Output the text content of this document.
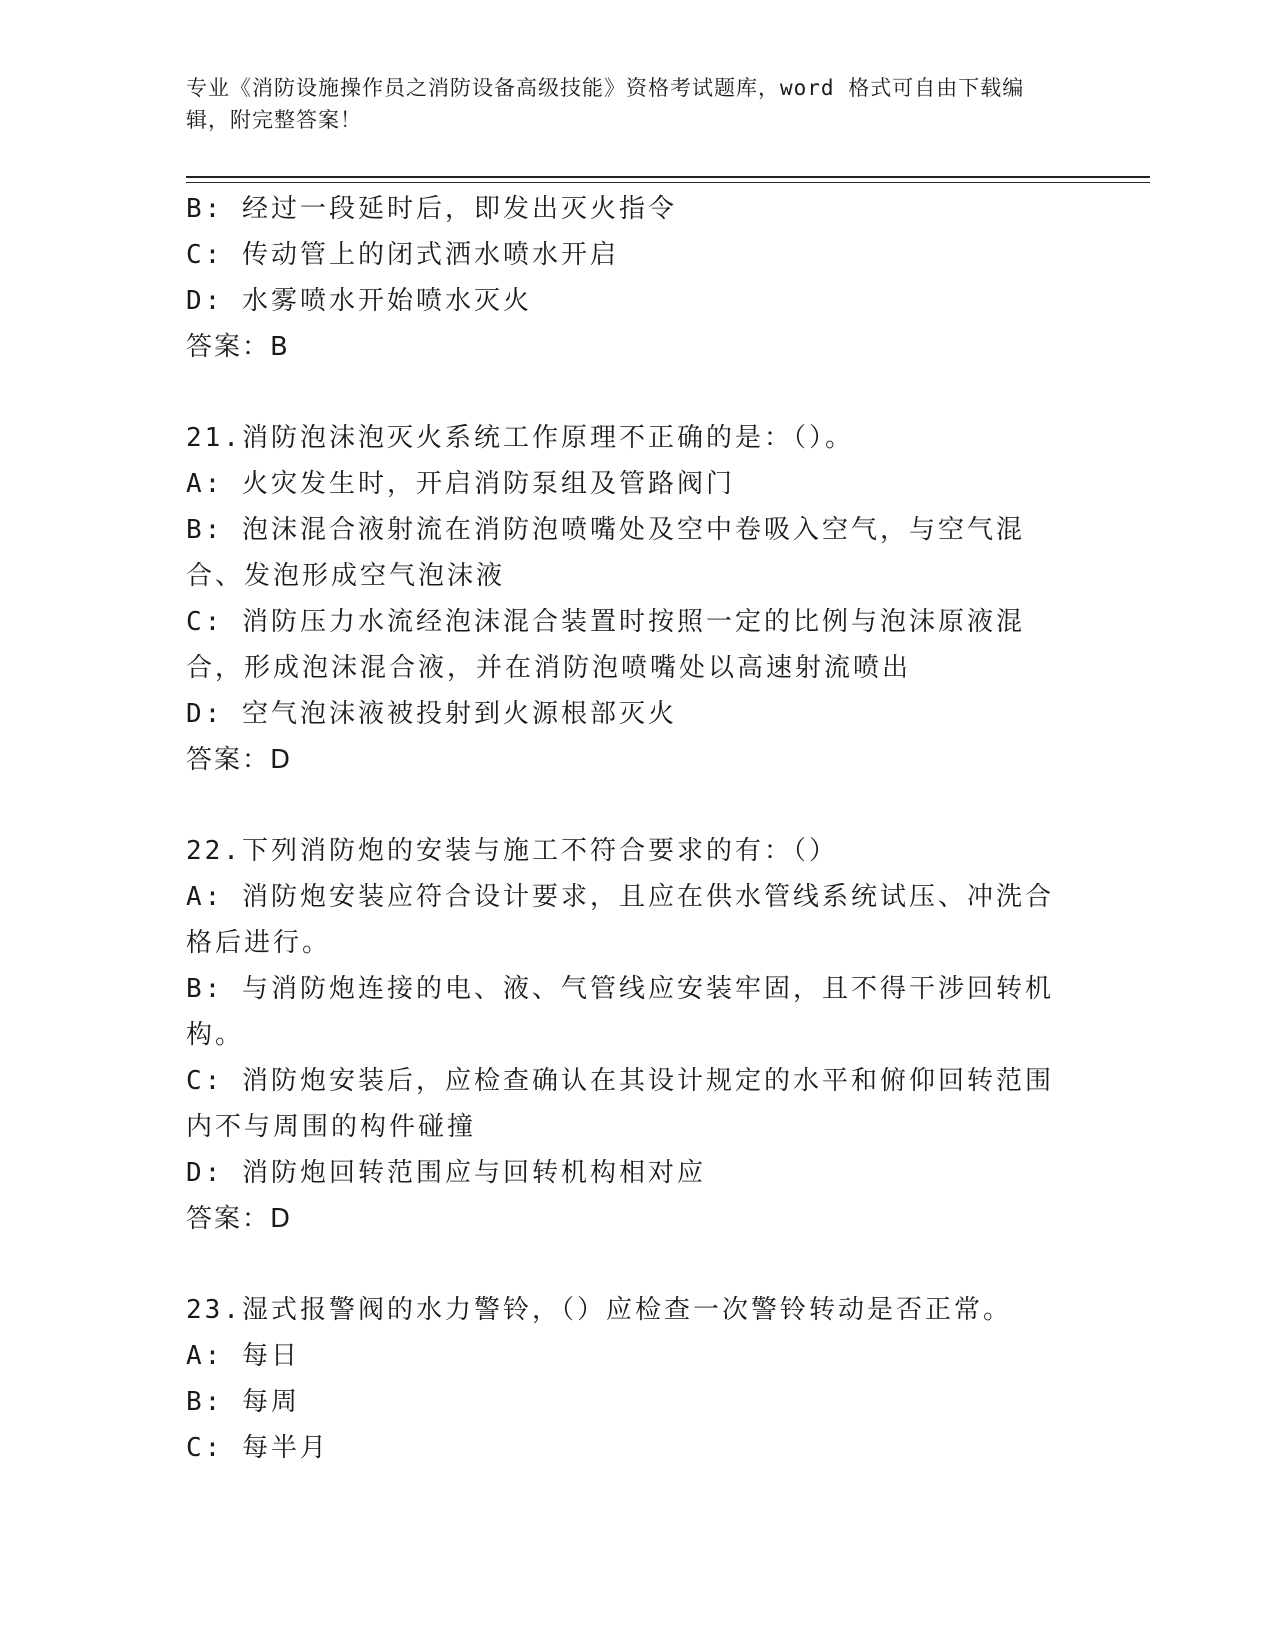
专业《消防设施操作员之消防设备高级技能》资格考试题库，word 格式可自由下载编辑，附完整答案！
B: 经过一段延时后，即发出灭火指令
C: 传动管上的闭式洒水喷水开启
D: 水雾喷水开始喷水灭火
答案：B
21.消防泡沫泡灭火系统工作原理不正确的是：（）。
A: 火灾发生时，开启消防泵组及管路阀门
B: 泡沫混合液射流在消防泡喷嘴处及空中卷吸入空气，与空气混合、发泡形成空气泡沫液
C: 消防压力水流经泡沫混合装置时按照一定的比例与泡沫原液混合，形成泡沫混合液，并在消防泡喷嘴处以高速射流喷出
D: 空气泡沫液被投射到火源根部灭火
答案：D
22.下列消防炮的安装与施工不符合要求的有：（）
A: 消防炮安装应符合设计要求，且应在供水管线系统试压、冲洗合格后进行。
B: 与消防炮连接的电、液、气管线应安装牢固，且不得干涉回转机构。
C: 消防炮安装后，应检查确认在其设计规定的水平和俯仰回转范围内不与周围的构件碰撞
D: 消防炮回转范围应与回转机构相对应
答案：D
23.湿式报警阀的水力警铃，（）应检查一次警铃转动是否正常。
A: 每日
B: 每周
C: 每半月
